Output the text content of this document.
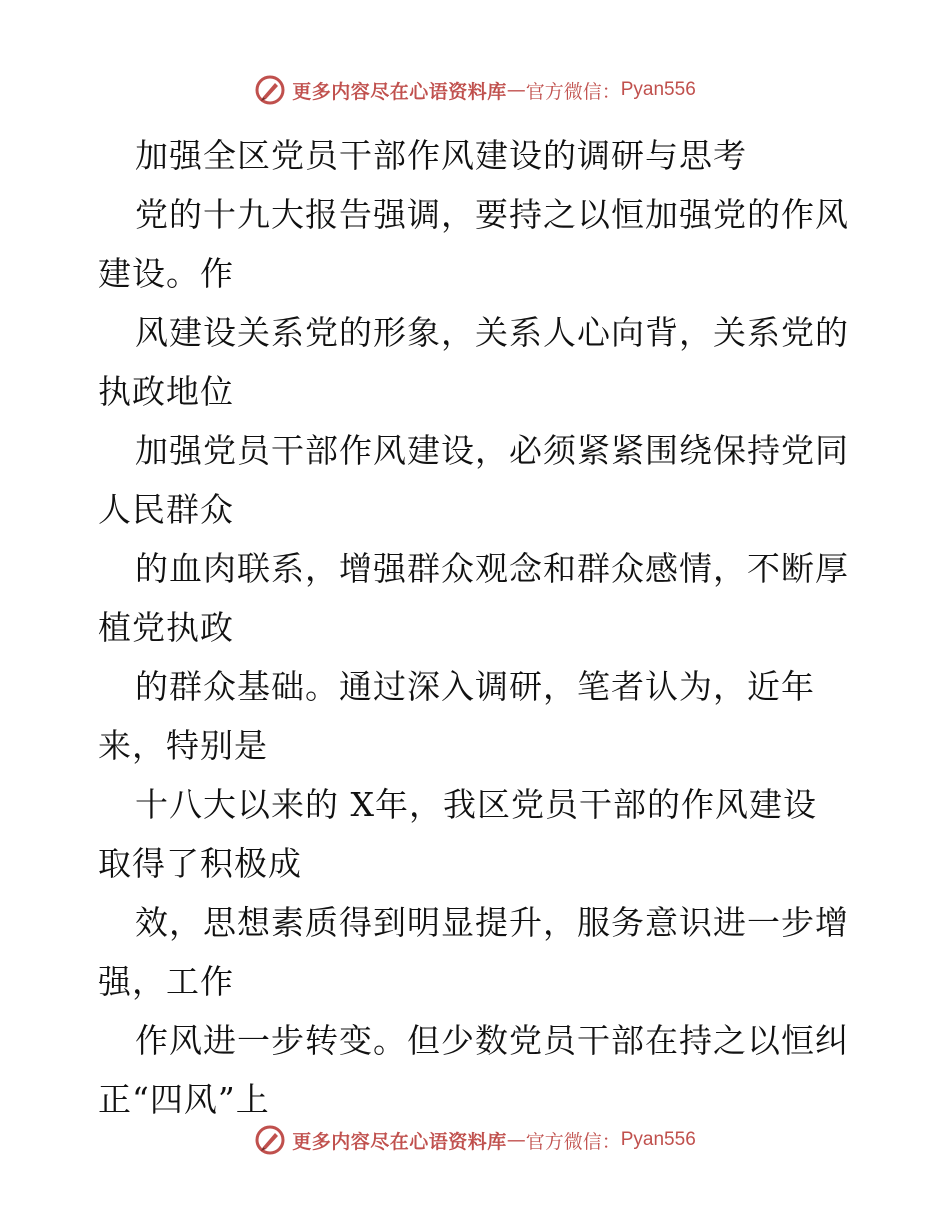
更多内容尽在心语资料库 — 官方微信： Pyan556
加强全区党员干部作风建设的调研与思考
党的十九大报告强调，要持之以恒加强党的作风
建设。作
风建设关系党的形象，关系人心向背，关系党的
执政地位
加强党员干部作风建设，必须紧紧围绕保持党同
人民群众
的血肉联系，增强群众观念和群众感情，不断厚
植党执政
的群众基础。通过深入调研，笔者认为，近年
来，特别是
十八大以来的 X年，我区党员干部的作风建设
取得了积极成
效，思想素质得到明显提升，服务意识进一步增
强，工作
作风进一步转变。但少数党员干部在持之以恒纠
正“四风”上
更多内容尽在心语资料库 — 官方微信： Pyan556
